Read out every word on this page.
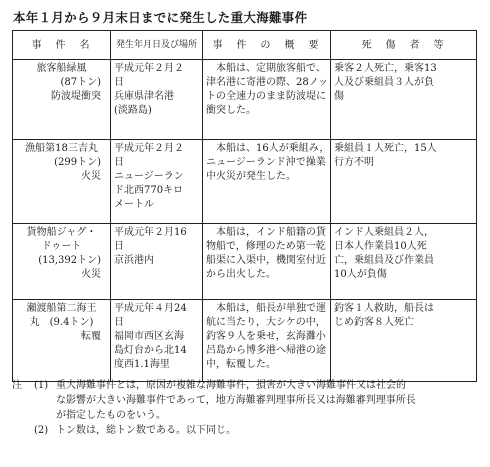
本年１月から９月末日までに発生した重大海難事件
事　件　名	発生年月日及び場所	事　件　の　概　要	死　傷　者　等

旅客船緑風
(87トン)
防波堤衝突	平成元年２月２
日
兵庫県津名港
(淡路島)	本船は、定期旅客船で、
津名港に寄港の際、28ノッ
トの全速力のまま防波堤に
衝突した。	乗客２人死亡，乗客13
人及び乗組員３人が負
傷

漁船第18三吉丸
(299トン)
火災	平成元年２月２
日
ニュージーラン
ド北西770キロ
メートル	本船は、16人が乗組み，
ニュージーランド沖で操業
中火災が発生した。	乗組員１人死亡，15人
行方不明

貨物船ジャグ・
ドゥート
(13,392トン)
火災	平成元年２月16
日
京浜港内	本船は，インド船籍の貨
物船で，修理のため第一乾
船渠に入渠中，機関室付近
から出火した。	インド人乗組員２人，
日本人作業員10人死
亡，乗組員及び作業員
10人が負傷

瀬渡船第二海王
丸　(9.4トン)
転覆	平成元年４月24
日
福岡市西区玄海
島灯台から北14
度西1.1海里	本船は，船長が単独で運
航に当たり，大シケの中，
釣客９人を乗せ，玄海灘小
呂島から博多港へ帰港の途
中，転覆した。	釣客１人救助，船長は
じめ釣客８人死亡
注	(1) 重大海難事件とは，原因が複雑な海難事件，損害が大きい海難事件又は社会的
な影響が大きい海難事件であって，地方海難審判理事所長又は海難審判理事所長
が指定したものをいう。
(2) トン数は，総トン数である。以下同じ。
